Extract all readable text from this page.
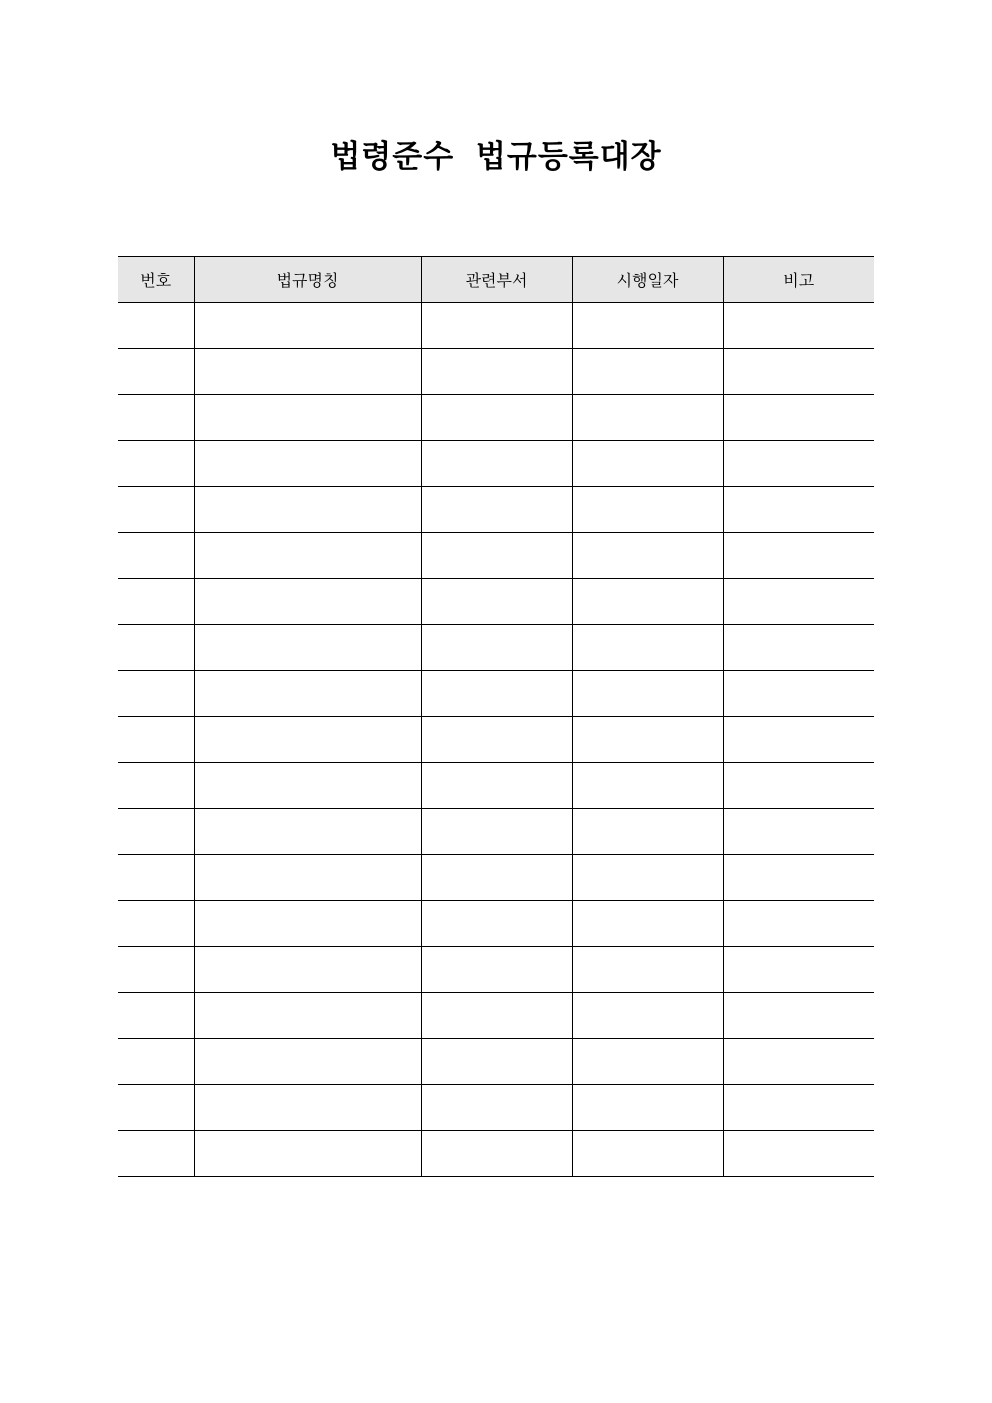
법령준수 법규등록대장
번호	법규명칭	관련부서	시행일자	비고
